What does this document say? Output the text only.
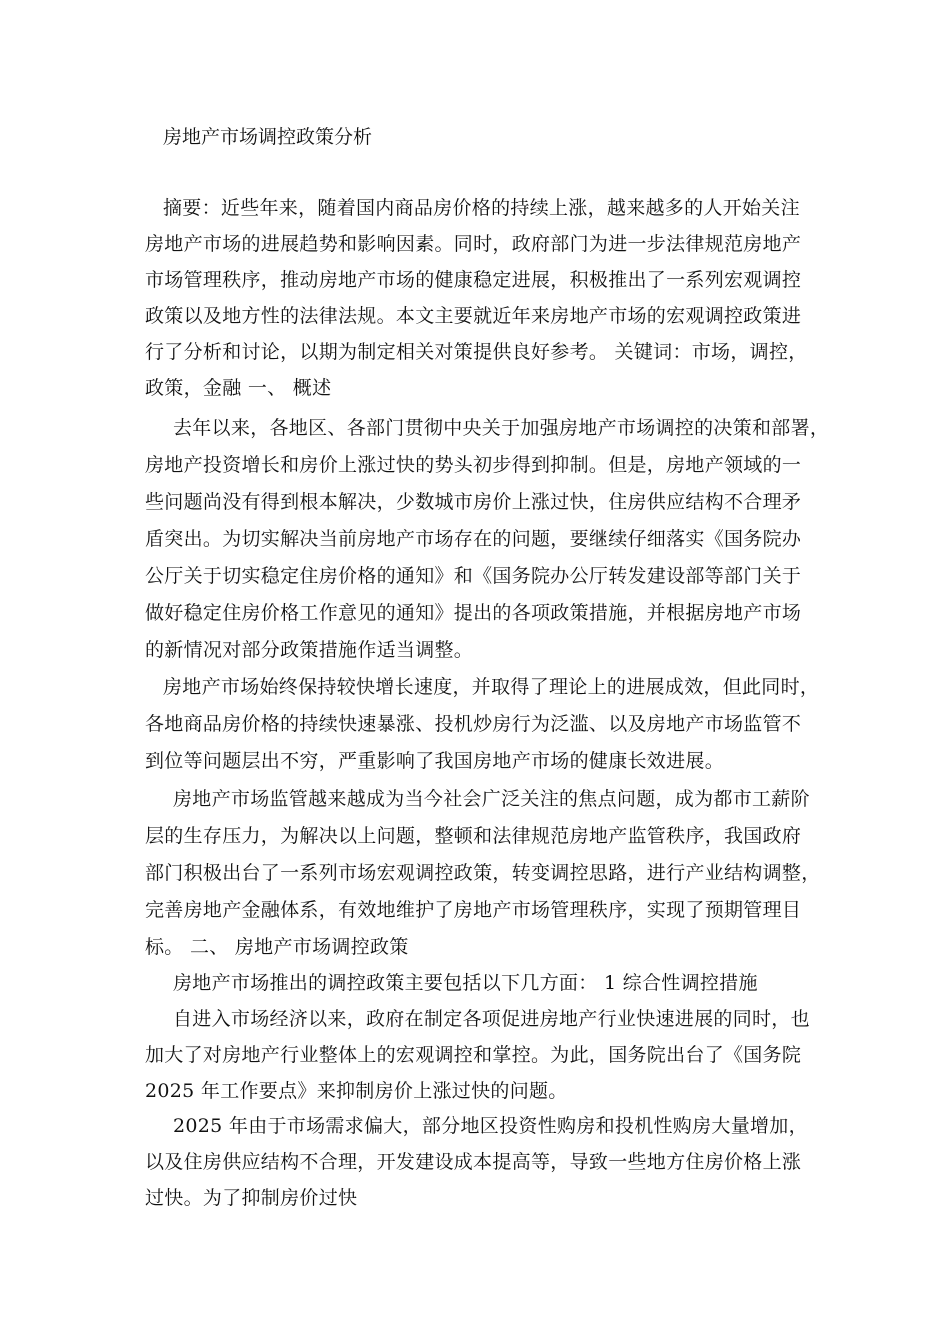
房地产市场调控政策分析
摘要：近些年来，随着国内商品房价格的持续上涨，越来越多的人开始关注
房地产市场的进展趋势和影响因素。同时，政府部门为进一步法律规范房地产
市场管理秩序，推动房地产市场的健康稳定进展，积极推出了一系列宏观调控
政策以及地方性的法律法规。本文主要就近年来房地产市场的宏观调控政策进
行了分析和讨论，以期为制定相关对策提供良好参考。 关键词：市场，调控，
政策，金融 一、 概述
去年以来，各地区、各部门贯彻中央关于加强房地产市场调控的决策和部署，
房地产投资增长和房价上涨过快的势头初步得到抑制。但是，房地产领域的一
些问题尚没有得到根本解决，少数城市房价上涨过快，住房供应结构不合理矛
盾突出。为切实解决当前房地产市场存在的问题，要继续仔细落实《国务院办
公厅关于切实稳定住房价格的通知》和《国务院办公厅转发建设部等部门关于
做好稳定住房价格工作意见的通知》提出的各项政策措施，并根据房地产市场
的新情况对部分政策措施作适当调整。
房地产市场始终保持较快增长速度，并取得了理论上的进展成效，但此同时，
各地商品房价格的持续快速暴涨、投机炒房行为泛滥、以及房地产市场监管不
到位等问题层出不穷，严重影响了我国房地产市场的健康长效进展。
房地产市场监管越来越成为当今社会广泛关注的焦点问题，成为都市工薪阶
层的生存压力，为解决以上问题，整顿和法律规范房地产监管秩序，我国政府
部门积极出台了一系列市场宏观调控政策，转变调控思路，进行产业结构调整，
完善房地产金融体系，有效地维护了房地产市场管理秩序，实现了预期管理目
标。 二、 房地产市场调控政策
房地产市场推出的调控政策主要包括以下几方面： 1 综合性调控措施
自进入市场经济以来，政府在制定各项促进房地产行业快速进展的同时，也
加大了对房地产行业整体上的宏观调控和掌控。为此，国务院出台了《国务院
2025 年工作要点》来抑制房价上涨过快的问题。
2025 年由于市场需求偏大，部分地区投资性购房和投机性购房大量增加，
以及住房供应结构不合理，开发建设成本提高等，导致一些地方住房价格上涨
过快。为了抑制房价过快
